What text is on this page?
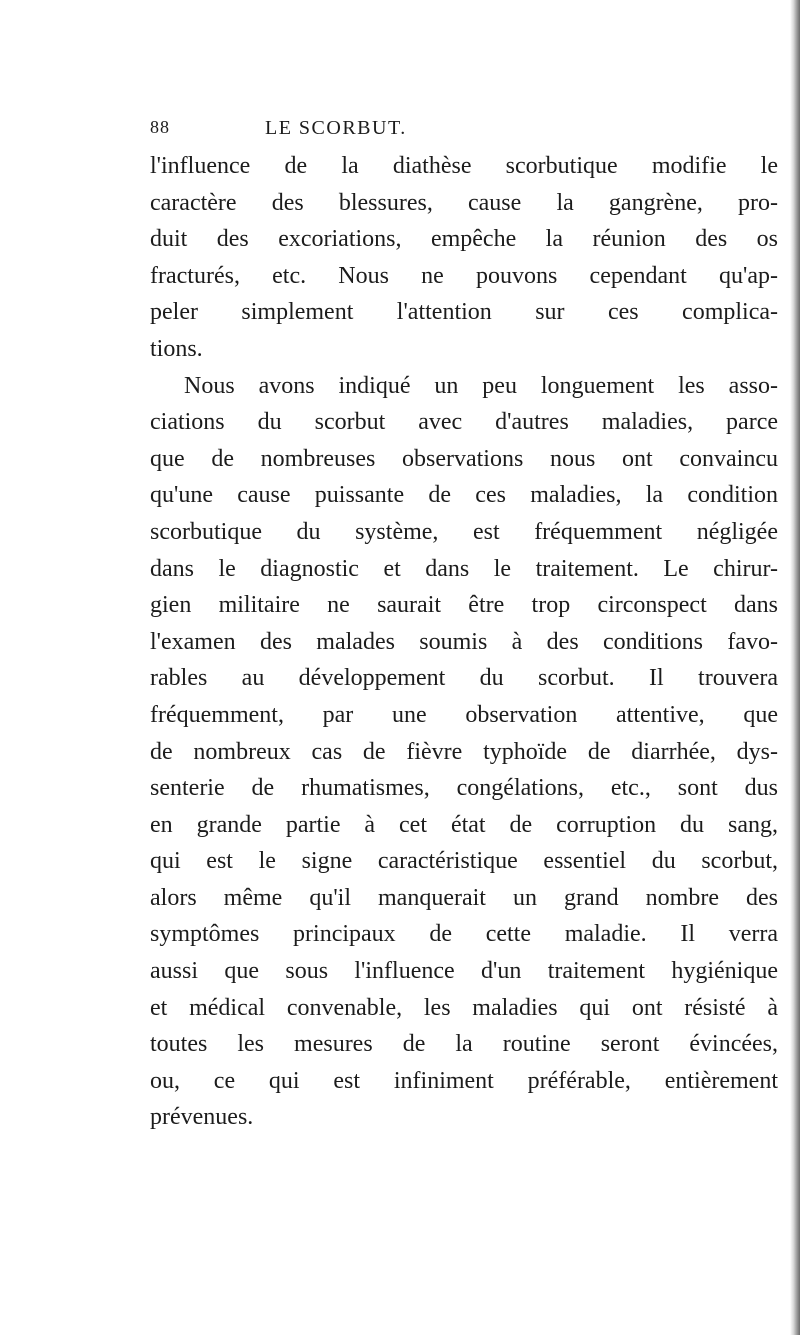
88	LE SCORBUT.
l'influence de la diathèse scorbutique modifie le
caractère des blessures, cause la gangrène, pro-
duit des excoriations, empêche la réunion des os
fracturés, etc. Nous ne pouvons cependant qu'ap-
peler simplement l'attention sur ces complica-
tions.
Nous avons indiqué un peu longuement les asso-
ciations du scorbut avec d'autres maladies, parce
que de nombreuses observations nous ont convaincu
qu'une cause puissante de ces maladies, la condition
scorbutique du système, est fréquemment négligée
dans le diagnostic et dans le traitement. Le chirur-
gien militaire ne saurait être trop circonspect dans
l'examen des malades soumis à des conditions favo-
rables au développement du scorbut. Il trouvera
fréquemment, par une observation attentive, que
de nombreux cas de fièvre typhoïde de diarrhée, dys-
senterie de rhumatismes, congélations, etc., sont dus
en grande partie à cet état de corruption du sang,
qui est le signe caractéristique essentiel du scorbut,
alors même qu'il manquerait un grand nombre des
symptômes principaux de cette maladie. Il verra
aussi que sous l'influence d'un traitement hygiénique
et médical convenable, les maladies qui ont résisté à
toutes les mesures de la routine seront évincées,
ou, ce qui est infiniment préférable, entièrement
prévenues.
